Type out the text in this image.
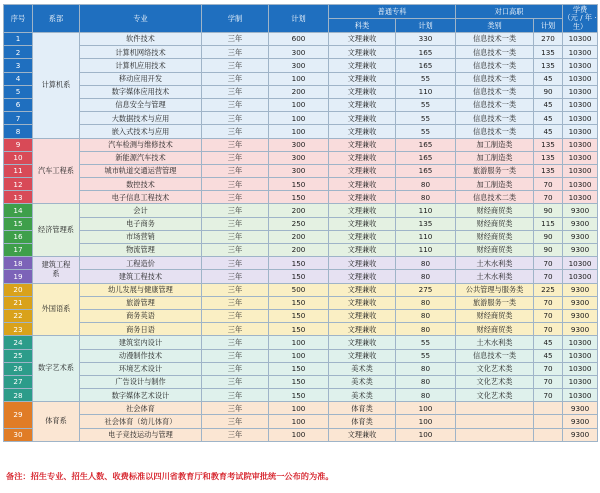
序号	系部	专业	学制	计划	普通专科		对口高职		学费
（元 / 年 · 生）
					科类	计划	类别	计划	
1	计算机系	软件技术	三年	600	文理兼收	330	信息技术一类	270	10300
2		计算机网络技术	三年	300	文理兼收	165	信息技术一类	135	10300
3		计算机应用技术	三年	300	文理兼收	165	信息技术一类	135	10300
4		移动应用开发	三年	100	文理兼收	55	信息技术一类	45	10300
5		数字媒体应用技术	三年	200	文理兼收	110	信息技术一类	90	10300
6		信息安全与管理	三年	100	文理兼收	55	信息技术一类	45	10300
7		大数据技术与应用	三年	100	文理兼收	55	信息技术一类	45	10300
8		嵌入式技术与应用	三年	100	文理兼收	55	信息技术一类	45	10300
9	汽车工程系	汽车检测与维修技术	三年	300	文理兼收	165	加工制造类	135	10300
10		新能源汽车技术	三年	300	文理兼收	165	加工制造类	135	10300
11		城市轨道交通运营管理	三年	300	文理兼收	165	旅游服务一类	135	10300
12		数控技术	三年	150	文理兼收	80	加工制造类	70	10300
13		电子信息工程技术	三年	150	文理兼收	80	信息技术二类	70	10300
14	经济管理系	会计	三年	200	文理兼收	110	财经商贸类	90	9300
15		电子商务	三年	250	文理兼收	135	财经商贸类	115	9300
16		市场营销	三年	200	文理兼收	110	财经商贸类	90	9300
17		物流管理	三年	200	文理兼收	110	财经商贸类	90	9300
18	建筑工程系	工程造价	三年	150	文理兼收	80	土木水利类	70	10300
19		建筑工程技术	三年	150	文理兼收	80	土木水利类	70	10300
20	外国语系	幼儿发展与健康管理	三年	500	文理兼收	275	公共管理与服务类	225	9300
21		旅游管理	三年	150	文理兼收	80	旅游服务一类	70	9300
22		商务英语	三年	150	文理兼收	80	财经商贸类	70	9300
23		商务日语	三年	150	文理兼收	80	财经商贸类	70	9300
24	数字艺术系	建筑室内设计	三年	100	文理兼收	55	土木水利类	45	10300
25		动漫制作技术	三年	100	文理兼收	55	信息技术一类	45	10300
26		环境艺术设计	三年	150	美术类	80	文化艺术类	70	10300
27		广告设计与制作	三年	150	美术类	80	文化艺术类	70	10300
28		数字媒体艺术设计	三年	150	美术类	80	文化艺术类	70	10300
29	体育系	社会体育	三年	100	体育类	100			9300
		社会体育（幼儿体育）	三年	100	体育类	100			9300
30		电子竞技运动与管理	三年	100	文理兼收	100			9300
备注：招生专业、招生人数、收费标准以四川省教育厅和教育考试院审批统一公布的为准。
